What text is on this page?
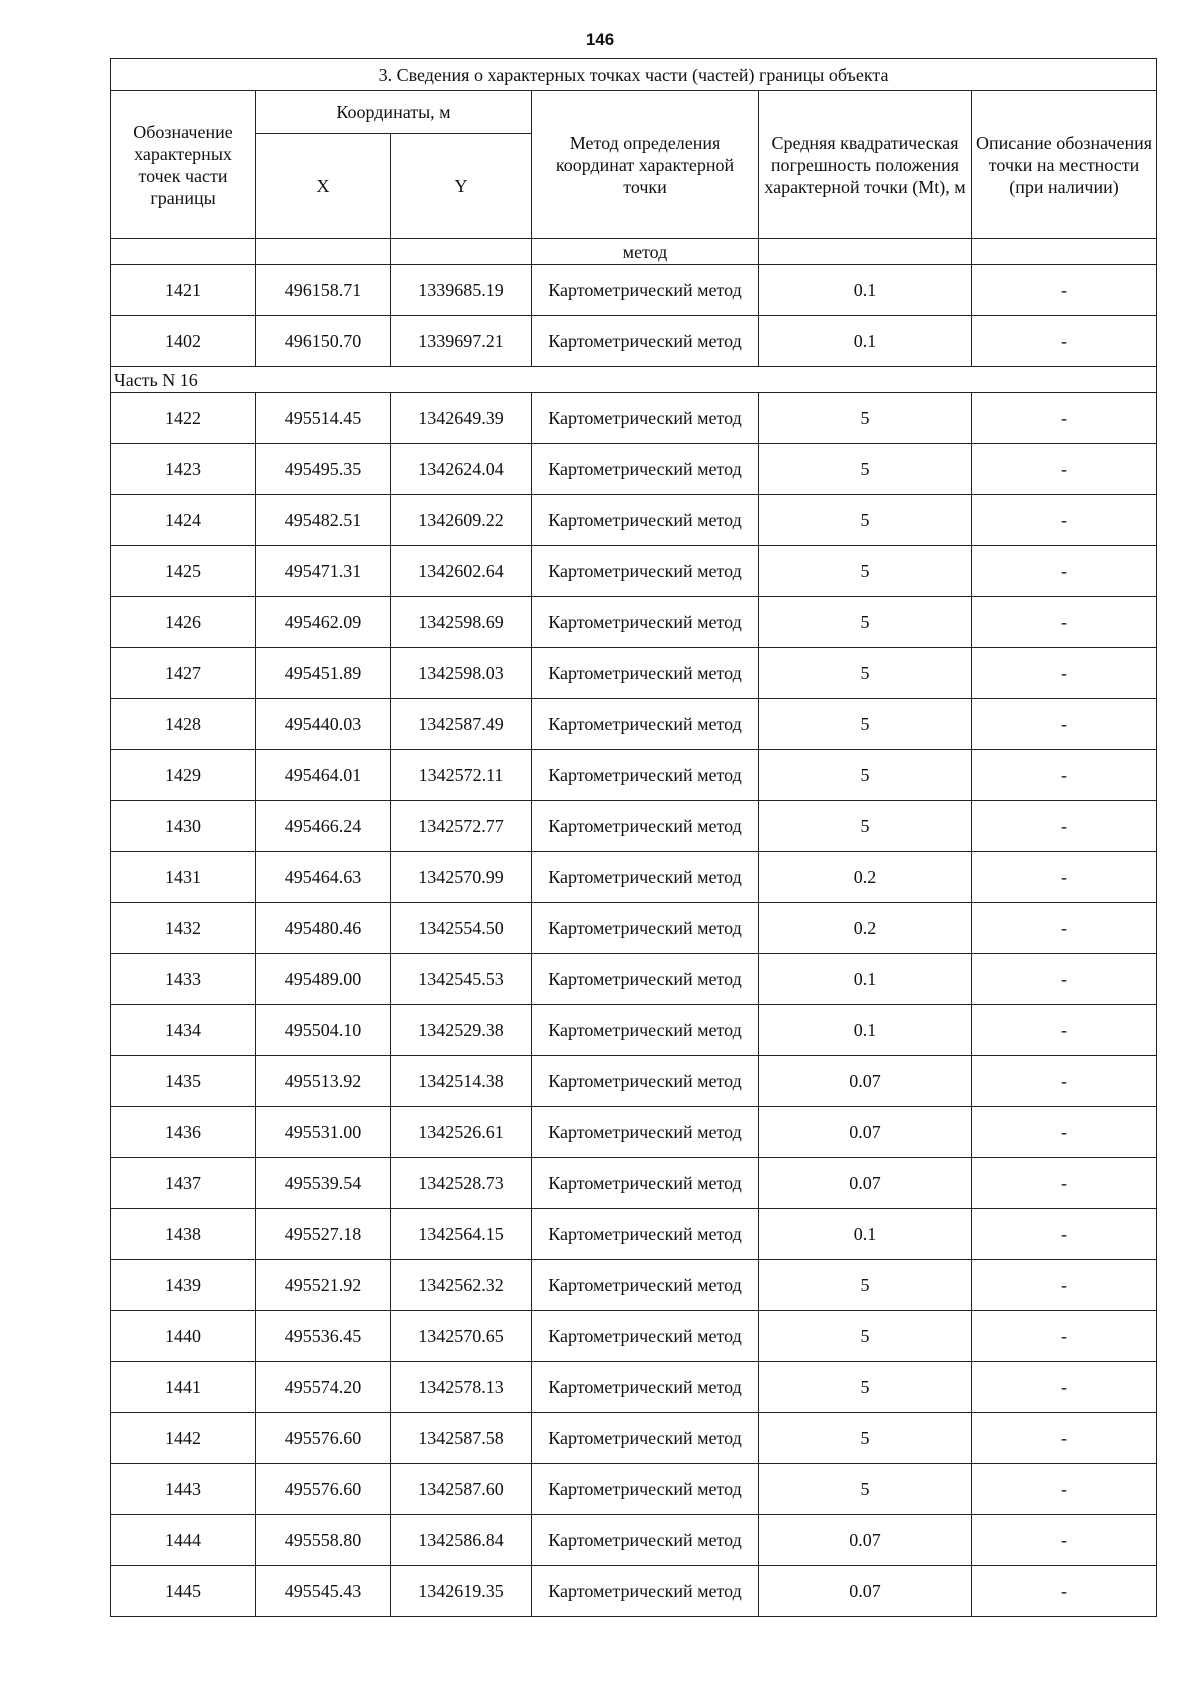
146
3. Сведения о характерных точках части (частей) границы объекта					
Обозначение характерных точек части границы	Координаты, м		Метод определения координат характерной точки	Средняя квадратическая погрешность положения характерной точки (Mt), м	Описание обозначения точки на местности (при наличии)
	X	Y			
			метод		
1421	496158.71	1339685.19	Картометрический метод	0.1	-
1402	496150.70	1339697.21	Картометрический метод	0.1	-
Часть N 16					
1422	495514.45	1342649.39	Картометрический метод	5	-
1423	495495.35	1342624.04	Картометрический метод	5	-
1424	495482.51	1342609.22	Картометрический метод	5	-
1425	495471.31	1342602.64	Картометрический метод	5	-
1426	495462.09	1342598.69	Картометрический метод	5	-
1427	495451.89	1342598.03	Картометрический метод	5	-
1428	495440.03	1342587.49	Картометрический метод	5	-
1429	495464.01	1342572.11	Картометрический метод	5	-
1430	495466.24	1342572.77	Картометрический метод	5	-
1431	495464.63	1342570.99	Картометрический метод	0.2	-
1432	495480.46	1342554.50	Картометрический метод	0.2	-
1433	495489.00	1342545.53	Картометрический метод	0.1	-
1434	495504.10	1342529.38	Картометрический метод	0.1	-
1435	495513.92	1342514.38	Картометрический метод	0.07	-
1436	495531.00	1342526.61	Картометрический метод	0.07	-
1437	495539.54	1342528.73	Картометрический метод	0.07	-
1438	495527.18	1342564.15	Картометрический метод	0.1	-
1439	495521.92	1342562.32	Картометрический метод	5	-
1440	495536.45	1342570.65	Картометрический метод	5	-
1441	495574.20	1342578.13	Картометрический метод	5	-
1442	495576.60	1342587.58	Картометрический метод	5	-
1443	495576.60	1342587.60	Картометрический метод	5	-
1444	495558.80	1342586.84	Картометрический метод	0.07	-
1445	495545.43	1342619.35	Картометрический метод	0.07	-
